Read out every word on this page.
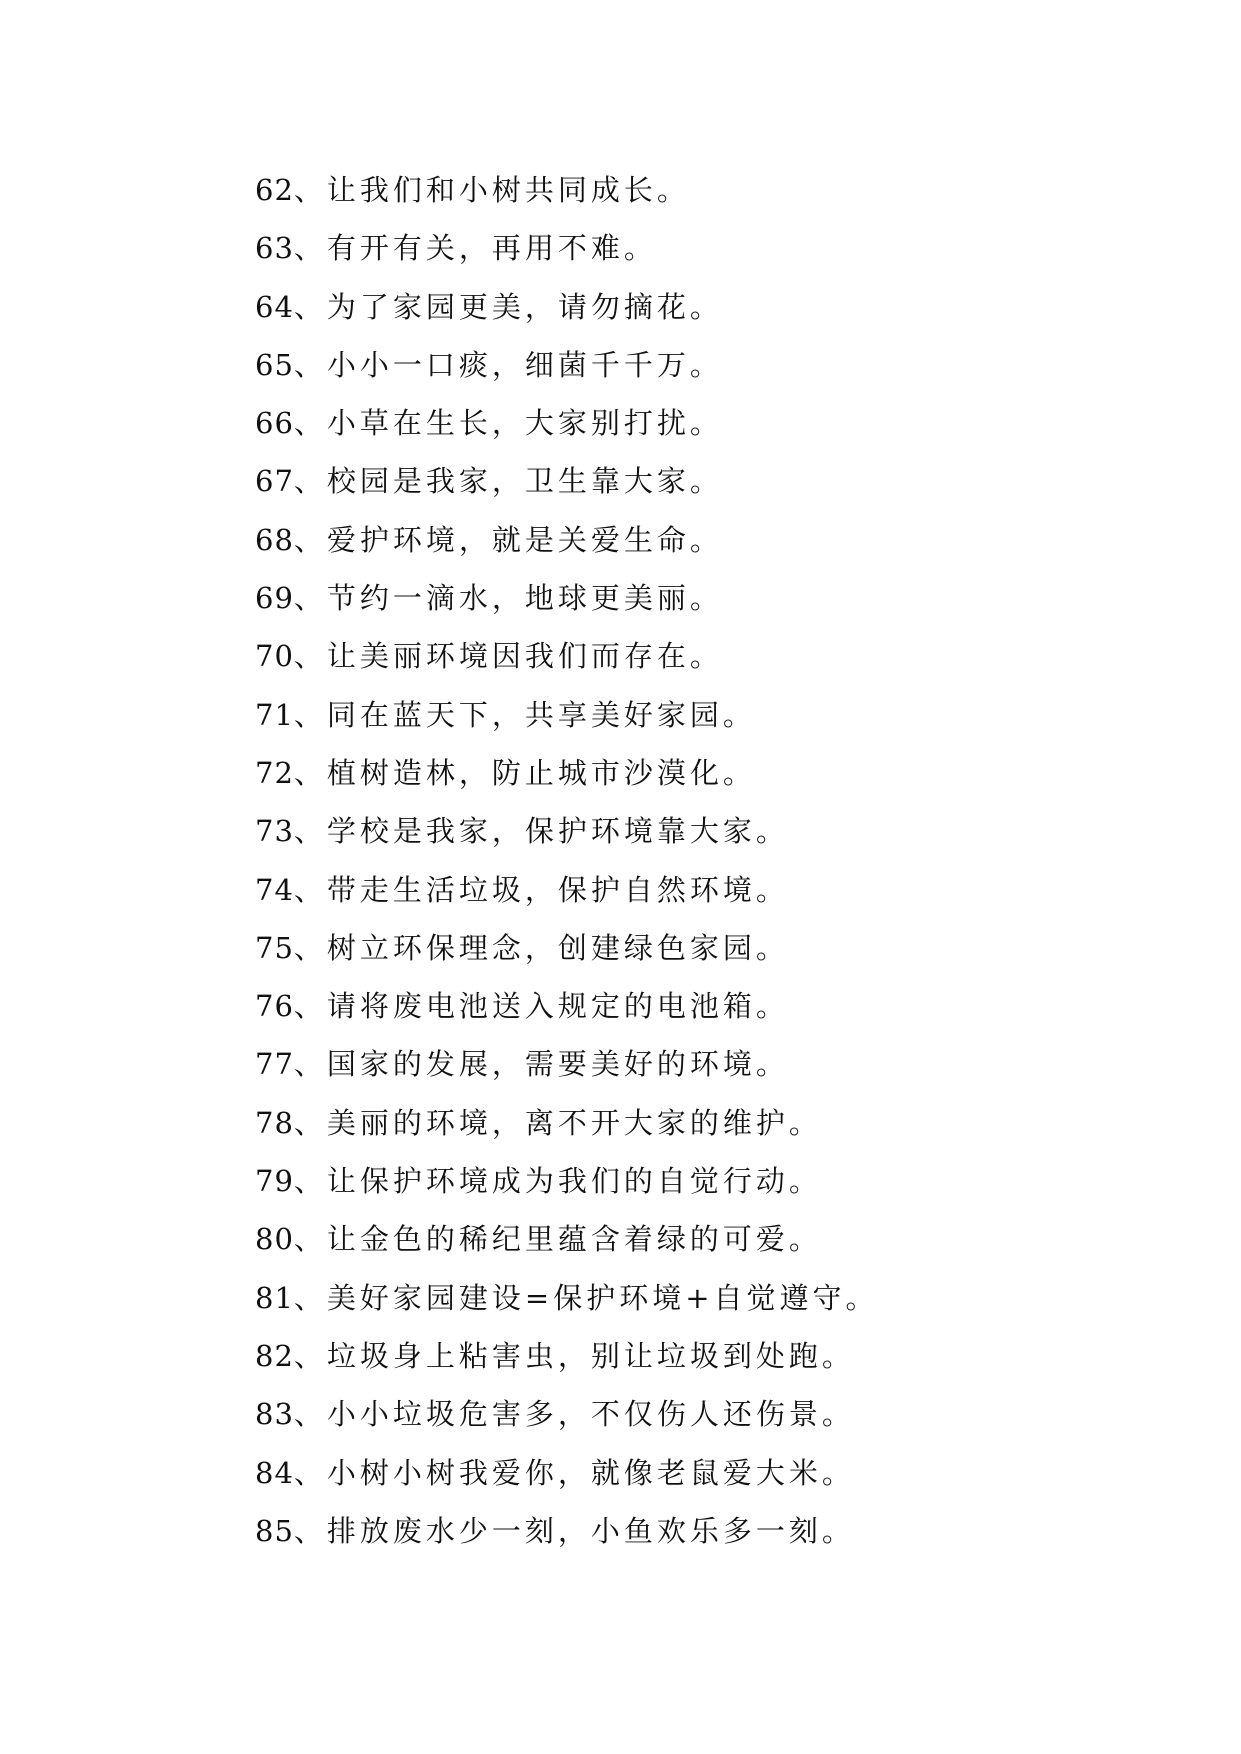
62、让我们和小树共同成长。
63、有开有关，再用不难。
64、为了家园更美，请勿摘花。
65、小小一口痰，细菌千千万。
66、小草在生长，大家别打扰。
67、校园是我家，卫生靠大家。
68、爱护环境，就是关爱生命。
69、节约一滴水，地球更美丽。
70、让美丽环境因我们而存在。
71、同在蓝天下，共享美好家园。
72、植树造林，防止城市沙漠化。
73、学校是我家，保护环境靠大家。
74、带走生活垃圾，保护自然环境。
75、树立环保理念，创建绿色家园。
76、请将废电池送入规定的电池箱。
77、国家的发展，需要美好的环境。
78、美丽的环境，离不开大家的维护。
79、让保护环境成为我们的自觉行动。
80、让金色的稀纪里蕴含着绿的可爱。
81、美好家园建设=保护环境+自觉遵守。
82、垃圾身上粘害虫，别让垃圾到处跑。
83、小小垃圾危害多，不仅伤人还伤景。
84、小树小树我爱你，就像老鼠爱大米。
85、排放废水少一刻，小鱼欢乐多一刻。
